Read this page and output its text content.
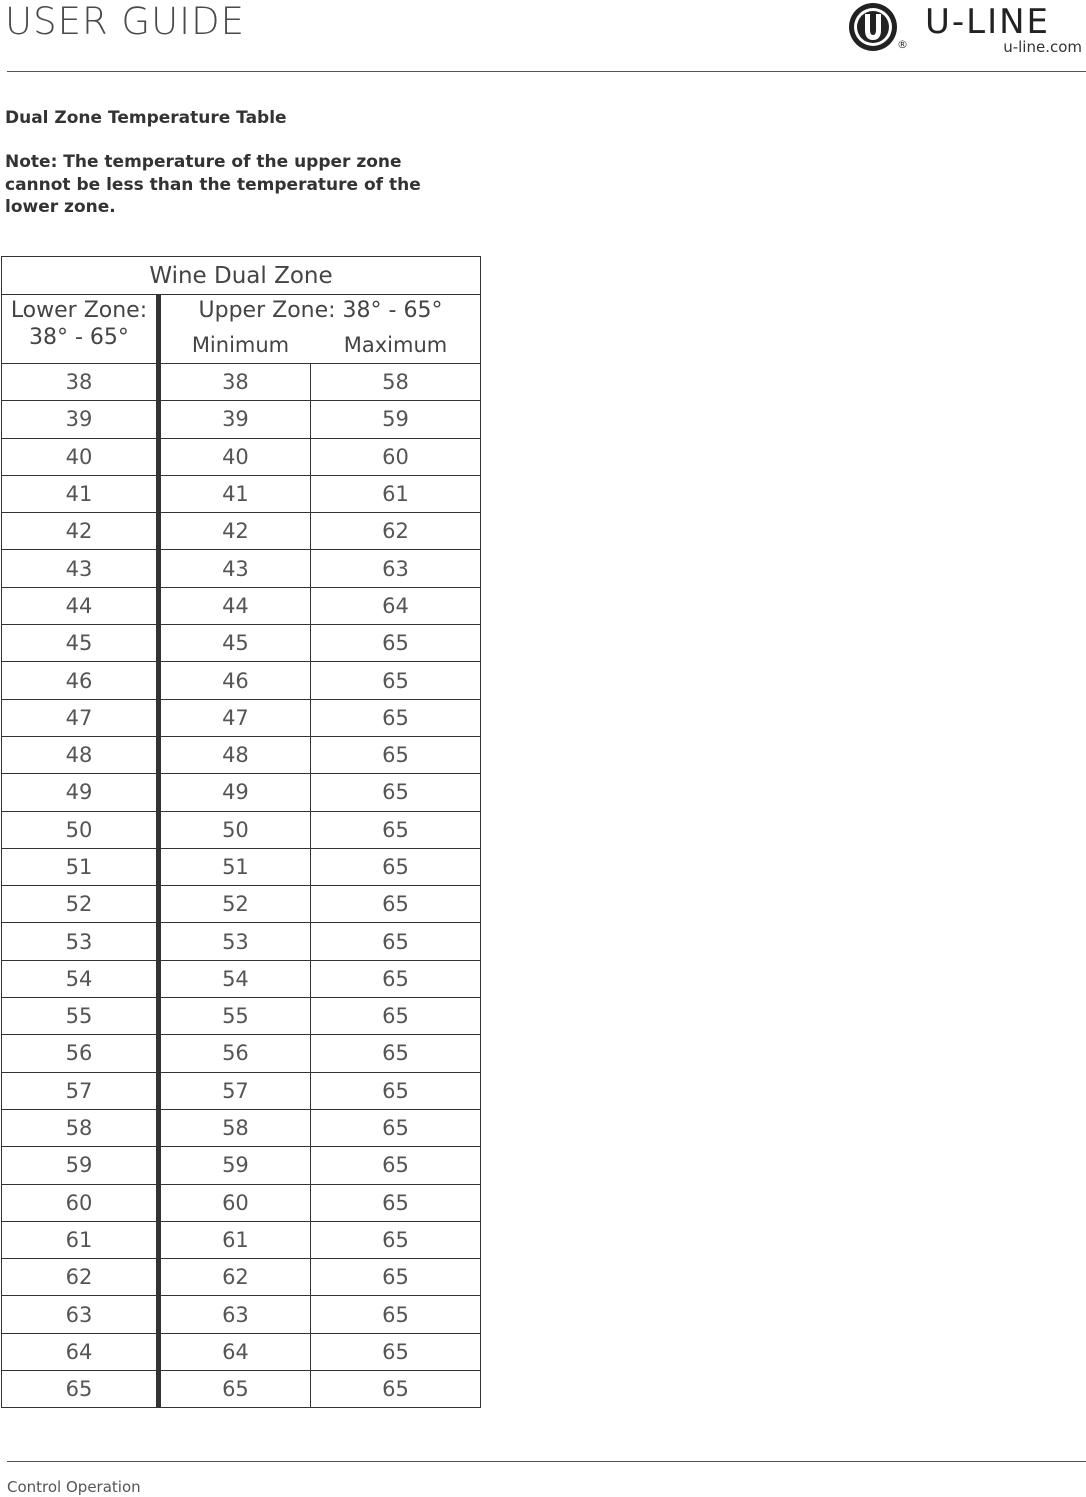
USER GUIDE
®
U-LINE
u-line.com
Dual Zone Temperature Table
Note: The temperature of the upper zone cannot be less than the temperature of the lower zone.
Wine Dual Zone		

Lower Zone:
38° - 65°	Upper Zone: 38° - 65°	
	Minimum Maximum	
38	38	58
39	39	59
40	40	60
41	41	61
42	42	62
43	43	63
44	44	64
45	45	65
46	46	65
47	47	65
48	48	65
49	49	65
50	50	65
51	51	65
52	52	65
53	53	65
54	54	65
55	55	65
56	56	65
57	57	65
58	58	65
59	59	65
60	60	65
61	61	65
62	62	65
63	63	65
64	64	65
65	65	65
Control Operation
